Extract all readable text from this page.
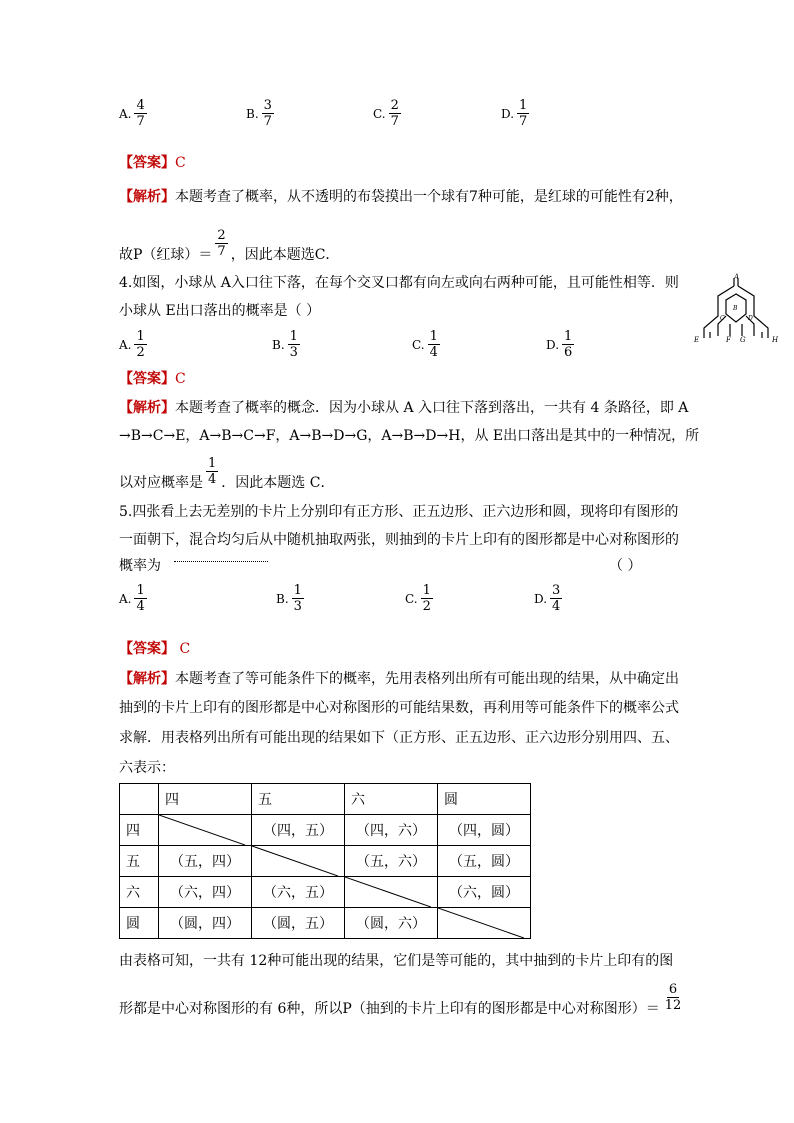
A. $\frac{4}{7}$	B. $\frac{3}{7}$	C. $\frac{2}{7}$	D. $\frac{1}{7}$
【答案】C
【解析】本题考查了概率，从不透明的布袋摸出一个球有7种可能，是红球的可能性有2种，
故P（红球）＝ $\frac{2}{7}$ ，因此本题选C．
4.如图，小球从 A入口往下落，在每个交叉口都有向左或向右两种可能，且可能性相等．则
小球从 E出口落出的概率是（ ）
A
B
C	D
E	F G	H
A. $\frac{1}{2}$	B. $\frac{1}{3}$	C. $\frac{1}{4}$	D. $\frac{1}{6}$
【答案】C
【解析】本题考查了概率的概念．因为小球从 A 入口往下落到落出，一共有 4 条路径，即 A
→B→C→E，A→B→C→F，A→B→D→G，A→B→D→H，从 E出口落出是其中的一种情况，所
以对应概率是 $\frac{1}{4}$ ．因此本题选 C．
5.四张看上去无差别的卡片上分别印有正方形、正五边形、正六边形和圆，现将印有图形的
一面朝下，混合均匀后从中随机抽取两张，则抽到的卡片上印有的图形都是中心对称图形的
概率为	（ ）
A. $\frac{1}{4}$	B. $\frac{1}{3}$	C. $\frac{1}{2}$	D. $\frac{3}{4}$
【答案】 C
【解析】本题考查了等可能条件下的概率，先用表格列出所有可能出现的结果，从中确定出
抽到的卡片上印有的图形都是中心对称图形的可能结果数，再利用等可能条件下的概率公式
求解．用表格列出所有可能出现的结果如下（正方形、正五边形、正六边形分别用四、五、
六表示：
	四	五	六	圆
四		（四，五）	（四，六）	（四，圆）
五	（五，四）		（五，六）	（五，圆）
六	（六，四）	（六，五）		（六，圆）
圆	（圆，四）	（圆，五）	（圆，六）	
由表格可知，一共有 12种可能出现的结果，它们是等可能的，其中抽到的卡片上印有的图
形都是中心对称图形的有 6种，所以P（抽到的卡片上印有的图形都是中心对称图形）＝ $\frac{6}{12}$
